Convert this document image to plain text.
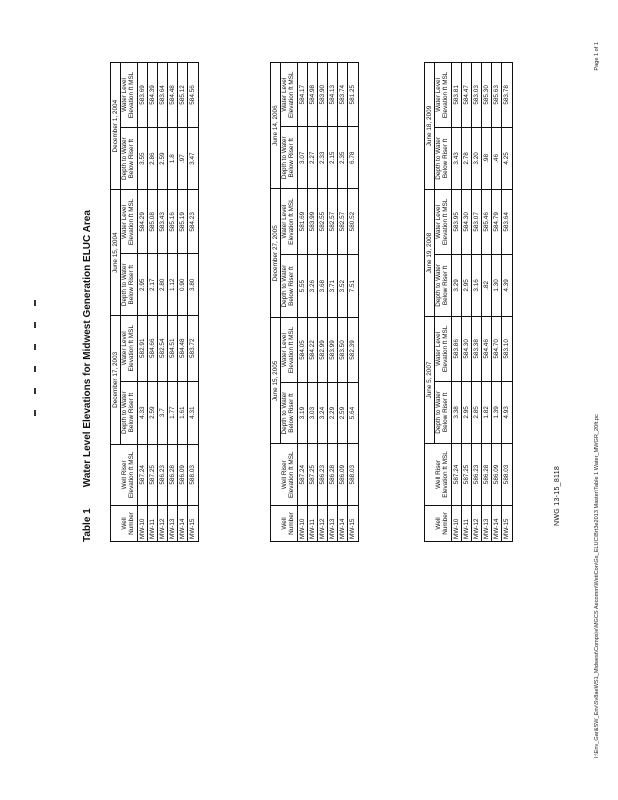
Table 1 Water Level Elevations for Midwest Generation ELUC Area
Well Number	Well Riser Elevation ft MSL	December 17, 2003		June 15, 2004		December 1, 2004	
		Depth to Water Below Riser ft	Water Level Elevation ft MSL	Depth to Water Below Riser ft	Water Level Elevation ft MSL	Depth to Water Below Riser ft	Water Level Elevation ft MSL
MW-10	587.24	4.33	582.91	2.95	584.29	3.55	583.69
MW-11	587.25	2.59	584.66	2.17	585.08	2.86	584.39
MW-12	586.23	3.7	582.54	2.80	583.43	2.59	583.64
MW-13	586.28	1.77	584.51	1.12	585.16	1.8	584.48
MW-14	586.09	1.61	584.48	0.90	585.19	.97	585.12
MW-15	588.03	4.31	583.72	3.80	584.23	3.47	584.56
Well Number	Well Riser Elevation ft MSL	June 15, 2005		December 27, 2005		June 14, 2006	
		Depth to Water Below Riser ft	Water Level Elevation ft MSL	Depth to Water Below Riser ft	Water Level Elevation ft MSL	Depth to Water Below Riser ft	Water Level Elevation ft MSL
MW-10	587.24	3.19	584.05	5.55	581.69	3.07	584.17
MW-11	587.25	3.03	584.22	3.26	583.99	2.27	584.98
MW-12	586.23	3.24	582.99	3.68	582.55	2.33	583.90
MW-13	586.28	2.29	583.99	3.71	582.57	2.15	584.13
MW-14	586.09	2.59	583.50	3.52	582.57	2.35	583.74
MW-15	588.03	5.64	582.39	7.51	580.52	6.78	581.25
Well Number	Well Riser Elevation ft MSL	June 5, 2007		June 19, 2008		June 18, 2009	
		Depth to Water Below Riser ft	Water Level Elevation ft MSL	Depth to Water Below Riser ft	Water Level Elevation ft MSL	Depth to Water Below Riser ft	Water Level Elevation ft MSL
MW-10	587.24	3.38	583.86	3.29	583.95	3.43	583.81
MW-11	587.25	2.95	584.30	2.95	584.30	2.78	584.47
MW-12	586.23	2.85	583.38	3.16	583.07	3.20	583.03
MW-13	586.28	1.82	584.46	.82	585.46	.98	585.30
MW-14	586.09	1.39	584.70	1.30	584.79	.46	585.63
MW-15	588.03	4.93	583.10	4.39	583.64	4.25	583.78
NWG 13-15_8118	I:\Env_Gar&SW_Env\Sv8aeWS1_Midwest\Comps\e\MGCS Aecomm\WetiCon\Gs_ELUC\Brt3e2013 Master\Table 1 Water_MWGR_20ft.pc
Page 1 of 1
